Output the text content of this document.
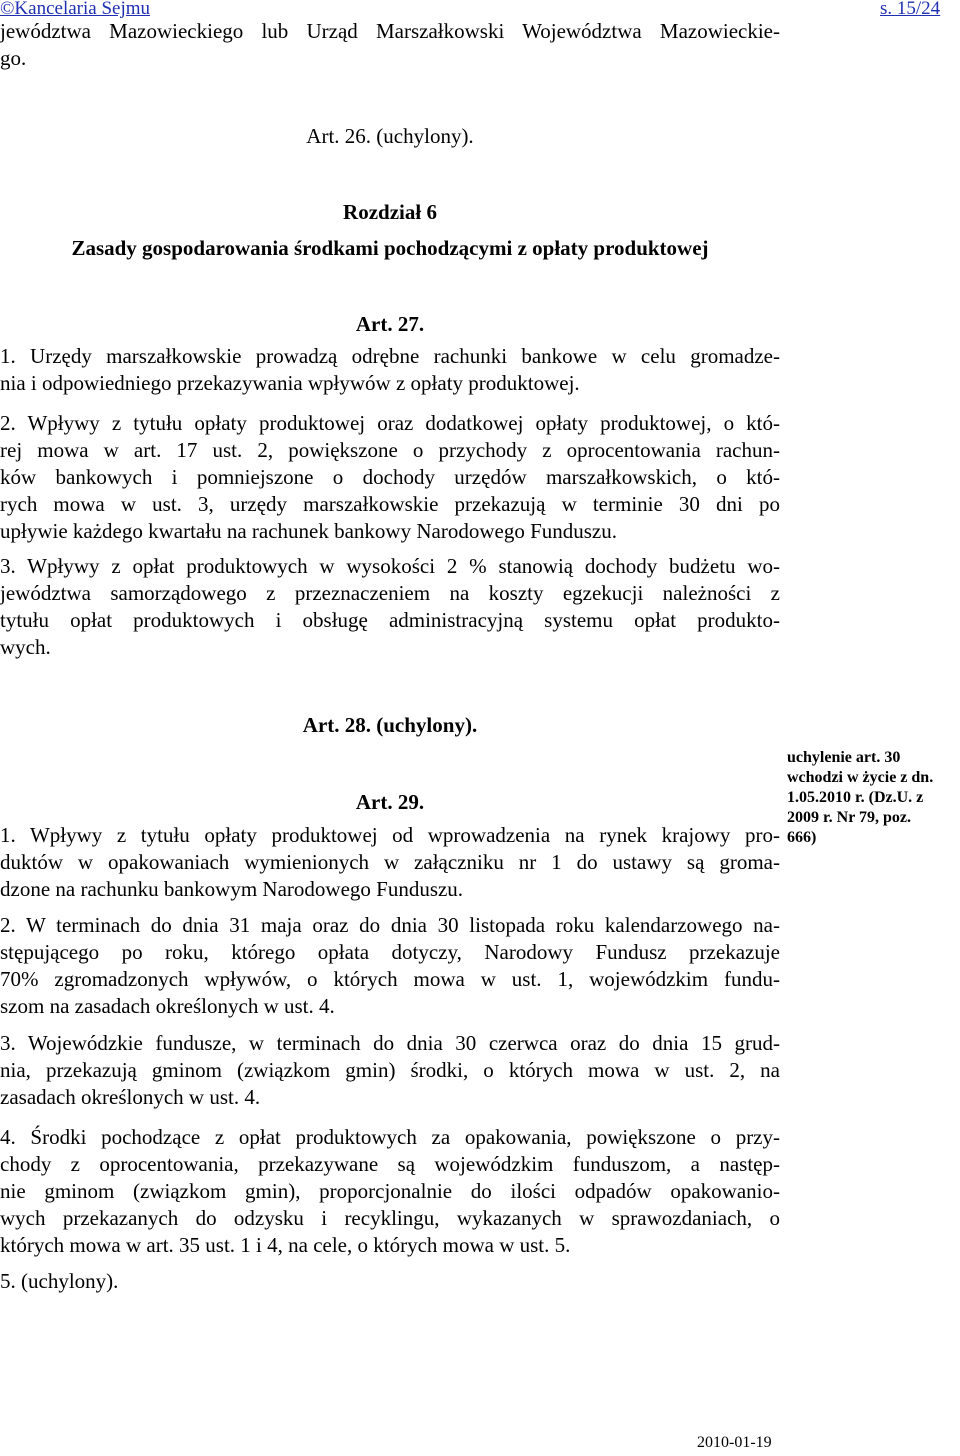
©Kancelaria Sejmu	s. 15/24
jewództwa Mazowieckiego lub Urząd Marszałkowski Województwa Mazowieckie-
go.
Art. 26. (uchylony).
Rozdział 6
Zasady gospodarowania środkami pochodzącymi z opłaty produktowej
Art. 27.
1. Urzędy marszałkowskie prowadzą odrębne rachunki bankowe w celu gromadze-
nia i odpowiedniego przekazywania wpływów z opłaty produktowej.
2. Wpływy z tytułu opłaty produktowej oraz dodatkowej opłaty produktowej, o któ-
rej mowa w art. 17 ust. 2, powiększone o przychody z oprocentowania rachun-
ków bankowych i pomniejszone o dochody urzędów marszałkowskich, o któ-
rych mowa w ust. 3, urzędy marszałkowskie przekazują w terminie 30 dni po
upływie każdego kwartału na rachunek bankowy Narodowego Funduszu.
3. Wpływy z opłat produktowych w wysokości 2 % stanowią dochody budżetu wo-
jewództwa samorządowego z przeznaczeniem na koszty egzekucji należności z
tytułu opłat produktowych i obsługę administracyjną systemu opłat produkto-
wych.
Art. 28. (uchylony).
uchylenie art. 30
wchodzi w życie z dn.
1.05.2010 r. (Dz.U. z
2009 r. Nr 79, poz.
666)
Art. 29.
1. Wpływy z tytułu opłaty produktowej od wprowadzenia na rynek krajowy pro-
duktów w opakowaniach wymienionych w załączniku nr 1 do ustawy są groma-
dzone na rachunku bankowym Narodowego Funduszu.
2. W terminach do dnia 31 maja oraz do dnia 30 listopada roku kalendarzowego na-
stępującego po roku, którego opłata dotyczy, Narodowy Fundusz przekazuje
70% zgromadzonych wpływów, o których mowa w ust. 1, wojewódzkim fundu-
szom na zasadach określonych w ust. 4.
3. Wojewódzkie fundusze, w terminach do dnia 30 czerwca oraz do dnia 15 grud-
nia, przekazują gminom (związkom gmin) środki, o których mowa w ust. 2, na
zasadach określonych w ust. 4.
4. Środki pochodzące z opłat produktowych za opakowania, powiększone o przy-
chody z oprocentowania, przekazywane są wojewódzkim funduszom, a następ-
nie gminom (związkom gmin), proporcjonalnie do ilości odpadów opakowanio-
wych przekazanych do odzysku i recyklingu, wykazanych w sprawozdaniach, o
których mowa w art. 35 ust. 1 i 4, na cele, o których mowa w ust. 5.
5. (uchylony).
2010-01-19
